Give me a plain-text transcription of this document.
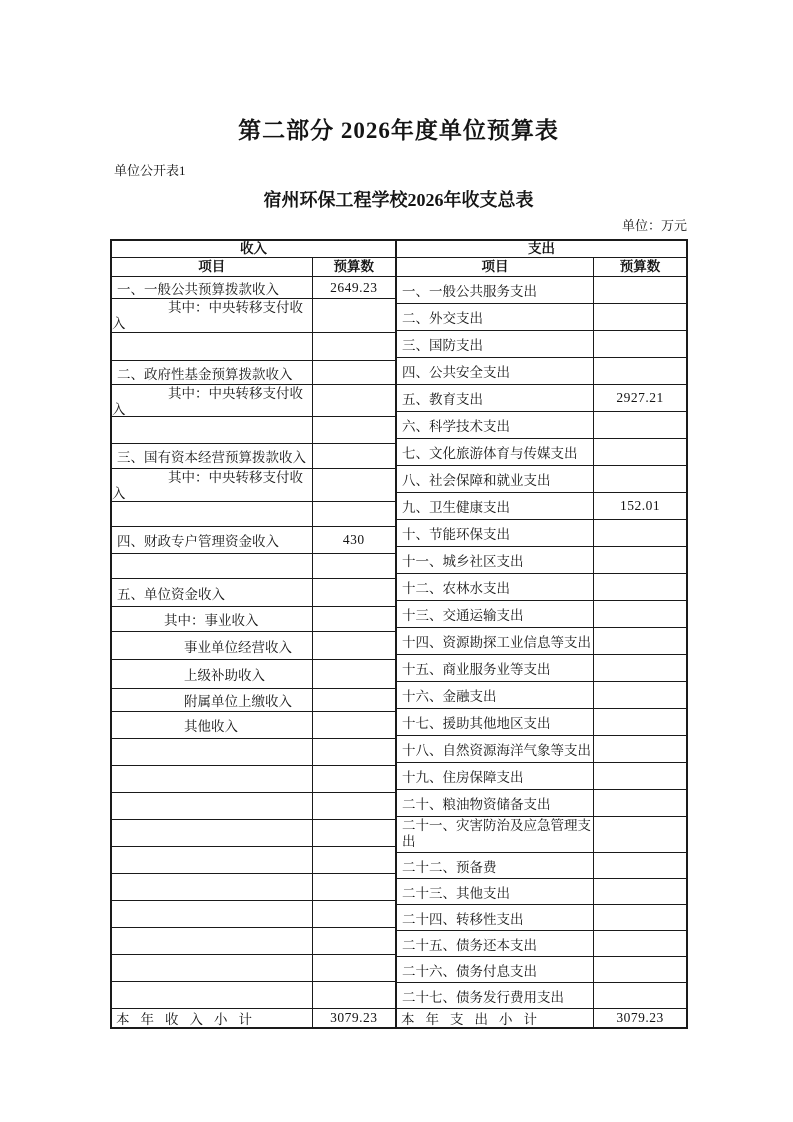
第二部分 2026年度单位预算表
单位公开表1
宿州环保工程学校2026年收支总表
单位：万元
收入
项目	预算数
一、一般公共预算拨款收入	2649.23
其中：中央转移支付收入
二、政府性基金预算拨款收入
其中：中央转移支付收入
三、国有资本经营预算拨款收入
其中：中央转移支付收入
四、财政专户管理资金收入	430
五、单位资金收入
其中：事业收入
事业单位经营收入
上级补助收入
附属单位上缴收入
其他收入
本年收入小计	3079.23
支出
项目	预算数
一、一般公共服务支出
二、外交支出
三、国防支出
四、公共安全支出
五、教育支出	2927.21
六、科学技术支出
七、文化旅游体育与传媒支出
八、社会保障和就业支出
九、卫生健康支出	152.01
十、节能环保支出
十一、城乡社区支出
十二、农林水支出
十三、交通运输支出
十四、资源勘探工业信息等支出
十五、商业服务业等支出
十六、金融支出
十七、援助其他地区支出
十八、自然资源海洋气象等支出
十九、住房保障支出
二十、粮油物资储备支出
二十一、灾害防治及应急管理支出
二十二、预备费
二十三、其他支出
二十四、转移性支出
二十五、债务还本支出
二十六、债务付息支出
二十七、债务发行费用支出
本年支出小计	3079.23
